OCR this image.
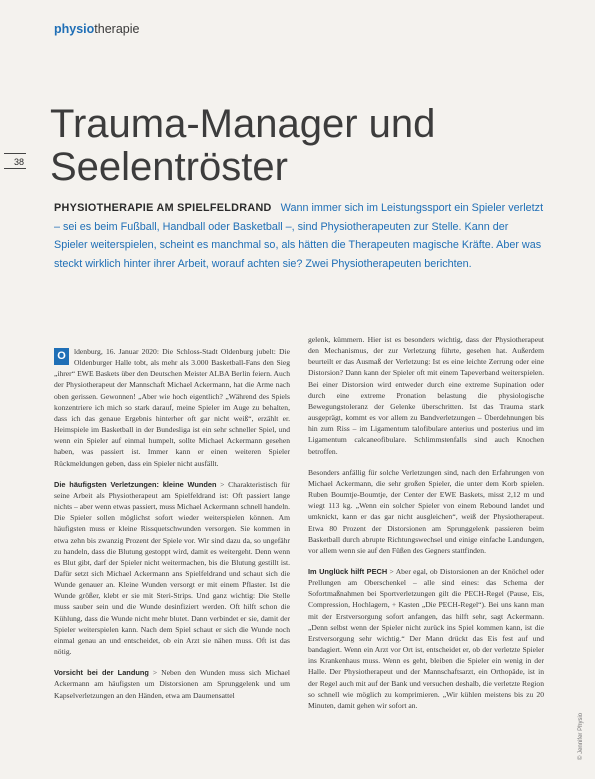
physiotherapie
38
Trauma-Manager und
Seelentröster
PHYSIOTHERAPIE AM SPIELFELDRAND Wann immer sich im Leistungssport ein Spieler verletzt – sei es beim Fußball, Handball oder Basketball –, sind Physiotherapeuten zur Stelle. Kann der Spieler weiterspielen, scheint es manchmal so, als hätten die Therapeuten magische Kräfte. Aber was steckt wirklich hinter ihrer Arbeit, worauf achten sie? Zwei Physiotherapeuten berichten.

O	ldenburg, 16. Januar 2020: Die Schloss-Stadt Oldenburg jubelt: Die Oldenburger Halle tobt, als mehr als 3.000 Basketball-Fans den Sieg „ihrer“ EWE Baskets über den Deutschen Meister ALBA Berlin feiern. Auch der Physiotherapeut der Mannschaft Michael Ackermann, hat die Arme nach oben gerissen. Gewonnen! „Aber wie hoch eigentlich? „Während des Spiels konzentriere ich mich so stark darauf, meine Spieler im Auge zu behalten, dass ich das genaue Ergebnis hinterher oft gar nicht weiß“, erzählt er. Heimspiele im Basketball in der Bundesliga ist ein sehr schneller Spiel, und wenn ein Spieler auf einmal humpelt, sollte Michael Ackermann gesehen haben, was passiert ist. Immer kann er einen weiteren Spieler Rückmeldungen geben, dass ein Spieler nicht ausfällt.

Die häufigsten Verletzungen: kleine Wunden > Charakteristisch für seine Arbeit als Physiotherapeut am Spielfeldrand ist: Oft passiert lange nichts – aber wenn etwas passiert, muss Michael Ackermann schnell handeln. Die Spieler sollen möglichst sofort wieder weiterspielen können. Am häufigsten muss er kleine Rissquetschwunden versorgen. Sie kommen in etwa zehn bis zwanzig Prozent der Spiele vor. Wir sind dazu da, so ungefähr zu handeln, dass die Blutung gestoppt wird, damit es weitergeht. Denn wenn es Blut gibt, darf der Spieler nicht weitermachen, bis die Blutung gestillt ist. Dafür setzt sich Michael Ackermann ans Spielfeldrand und schaut sich die Wunde genauer an. Kleine Wunden versorgt er mit einem Pflaster. Ist die Wunde größer, klebt er sie mit Steri-Strips. Und ganz wichtig: Die Stelle muss sauber sein und die Wunde desinfiziert werden. Oft hilft schon die Kühlung, dass die Wunde nicht mehr blutet. Dann verbindet er sie, damit der Spieler weiterspielen kann. Nach dem Spiel schaut er sich die Wunde noch einmal genau an und entscheidet, ob ein Arzt sie nähen muss. Oft ist das nötig.

Vorsicht bei der Landung > Neben den Wunden muss sich Michael Ackermann am häufigsten um Distorsionen am Sprunggelenk und um Kapselverletzungen an den Händen, etwa am Daumensattel

gelenk, kümmern. Hier ist es besonders wichtig, dass der Physiotherapeut den Mechanismus, der zur Verletzung führte, gesehen hat. Außerdem beurteilt er das Ausmaß der Verletzung: Ist es eine leichte Zerrung oder eine Distorsion? Dann kann der Spieler oft mit einem Tapeverband weiterspielen. Bei einer Distorsion wird entweder durch eine extreme Supination oder durch eine extreme Pronation belastung die physiologische Bewegungstoleranz der Gelenke überschritten. Ist das Trauma stark ausgeprägt, kommt es vor allem zu Bandverletzungen – Überdehnungen bis hin zum Riss – im Ligamentum talofibulare anterius und posterius und im Ligamentum calcaneofibulare. Schlimmstenfalls sind auch Knochen betroffen.

Besonders anfällig für solche Verletzungen sind, nach den Erfahrungen von Michael Ackermann, die sehr großen Spieler, die unter dem Korb spielen. Ruben Boumtje-Boumtje, der Center der EWE Baskets, misst 2,12 m und wiegt 113 kg. „Wenn ein solcher Spieler von einem Rebound landet und umknickt, kann er das gar nicht ausgleichen“, weiß der Physiotherapeut. Etwa 80 Prozent der Distorsionen am Sprunggelenk passieren beim Basketball durch abrupte Richtungswechsel und einige einfache Landungen, vor allem wenn sie auf den Füßen des Gegners stattfinden.

Im Unglück hilft PECH > Aber egal, ob Distorsionen an der Knöchel oder Prellungen am Oberschenkel – alle sind eines: das Schema der Sofortmaßnahmen bei Sportverletzungen gilt die PECH-Regel (Pause, Eis, Compression, Hochlagern, + Kasten „Die PECH-Regel“). Bei uns kann man mit der Erstversorgung sofort anfangen, das hilft sehr, sagt Ackermann. „Denn selbst wenn der Spieler nicht zurück ins Spiel kommen kann, ist die Erstversorgung sehr wichtig.“ Der Mann drückt das Eis fest auf und bandagiert. Wenn ein Arzt vor Ort ist, entscheidet er, ob der verletzte Spieler ins Krankenhaus muss. Wenn es geht, bleiben die Spieler ein wenig in der Halle. Der Physiotherapeut und der Mannschaftsarzt, ein Orthopäde, ist in der Regel auch mit auf der Bank und versuchen deshalb, die verletzte Region so schnell wie möglich zu komprimieren. „Wir kühlen meistens bis zu 20 Minuten, damit gehen wir sofort an.

© Jennifer Physio
